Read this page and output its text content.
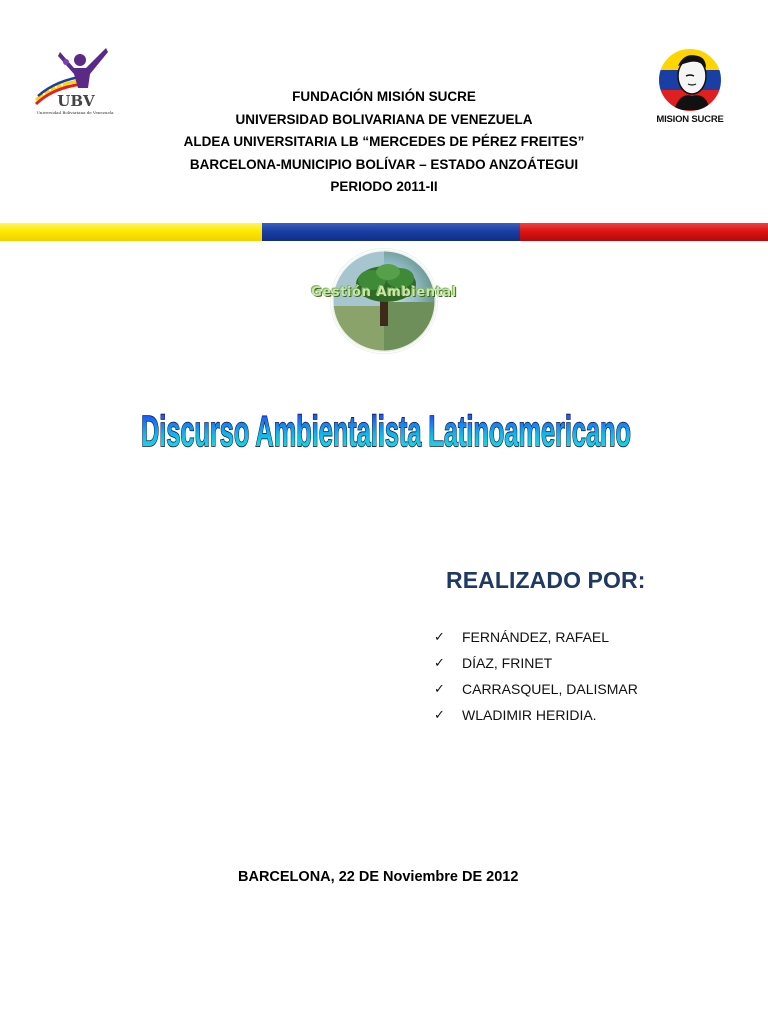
UBV
Universidad Bolivariana de Venezuela
MISION SUCRE
FUNDACIÓN MISIÓN SUCRE
UNIVERSIDAD BOLIVARIANA DE VENEZUELA
ALDEA UNIVERSITARIA LB “MERCEDES DE PÉREZ FREITES”
BARCELONA-MUNICIPIO BOLÍVAR – ESTADO ANZOÁTEGUI
PERIODO 2011-II
Gestión Ambiental
Discurso Ambientalista Latinoamericano
REALIZADO POR:
✓	FERNÁNDEZ, RAFAEL
✓	DÍAZ, FRINET
✓	CARRASQUEL, DALISMAR
✓	WLADIMIR HERIDIA.
BARCELONA, 22 DE Noviembre DE 2012
